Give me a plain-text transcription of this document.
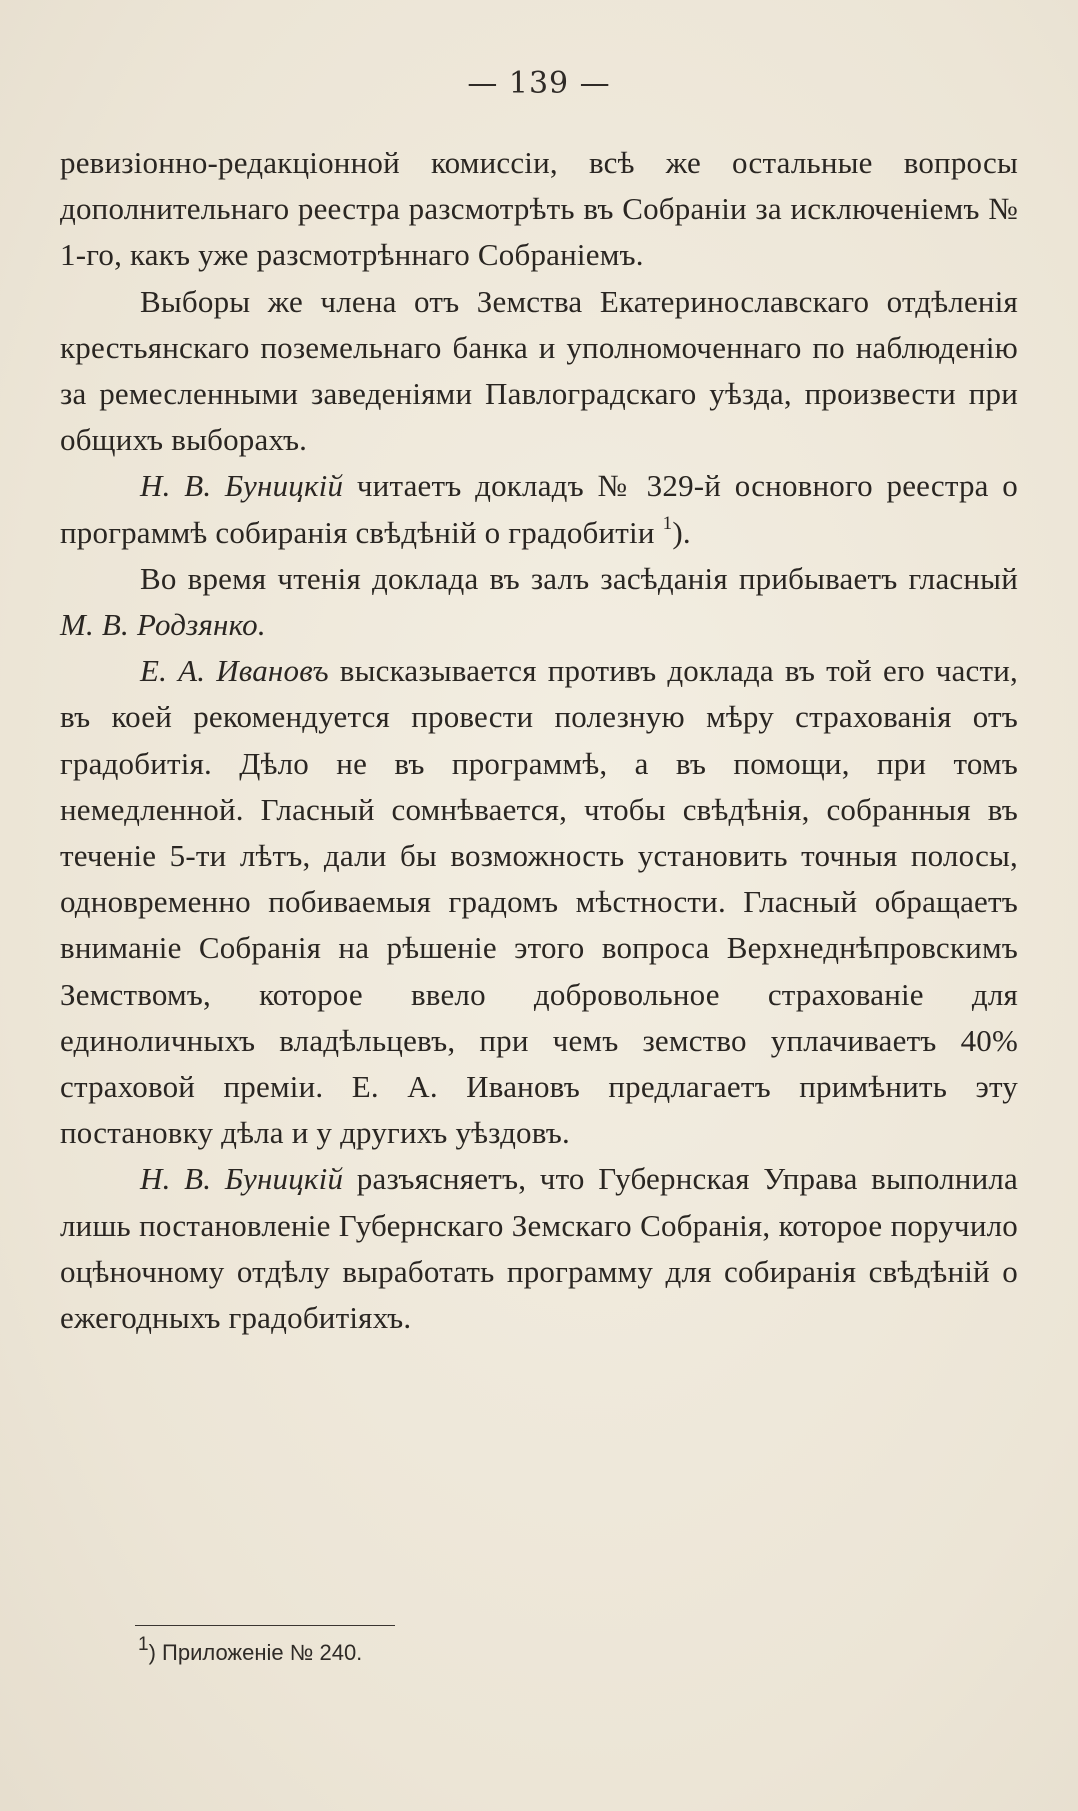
— 139 —

ревизіонно-редакціонной комиссіи, всѣ же остальные вопросы дополнительнаго реестра разсмотрѣть въ Собраніи за исключеніемъ № 1-го, какъ уже разсмотрѣннаго Собраніемъ.

Выборы же члена отъ Земства Екатеринославскаго отдѣленія крестьянскаго поземельнаго банка и уполномоченнаго по наблюденію за ремесленными заведеніями Павлоградскаго уѣзда, произвести при общихъ выборахъ.

Н. В. Буницкій читаетъ докладъ № 329-й основного реестра о программѣ собиранія свѣдѣній о градобитіи $^1$).

Во время чтенія доклада въ залъ засѣданія прибываетъ гласный М. В. Родзянко.

Е. А. Ивановъ высказывается противъ доклада въ той его части, въ коей рекомендуется провести полезную мѣру страхованія отъ градобитія. Дѣло не въ программѣ, а въ помощи, при томъ немедленной. Гласный сомнѣвается, чтобы свѣдѣнія, собранныя въ теченіе 5-ти лѣтъ, дали бы возможность установить точныя полосы, одновременно побиваемыя градомъ мѣстности. Гласный обращаетъ вниманіе Собранія на рѣшеніе этого вопроса Верхнеднѣпровскимъ Земствомъ, которое ввело добровольное страхованіе для единоличныхъ владѣльцевъ, при чемъ земство уплачиваетъ 40% страховой преміи. Е. А. Ивановъ предлагаетъ примѣнить эту постановку дѣла и у другихъ уѣздовъ.

Н. В. Буницкій разъясняетъ, что Губернская Управа выполнила лишь постановленіе Губернскаго Земскаго Собранія, которое поручило оцѣночному отдѣлу выработать программу для собиранія свѣдѣній о ежегодныхъ градобитіяхъ.

$^1$) Приложеніе № 240.
